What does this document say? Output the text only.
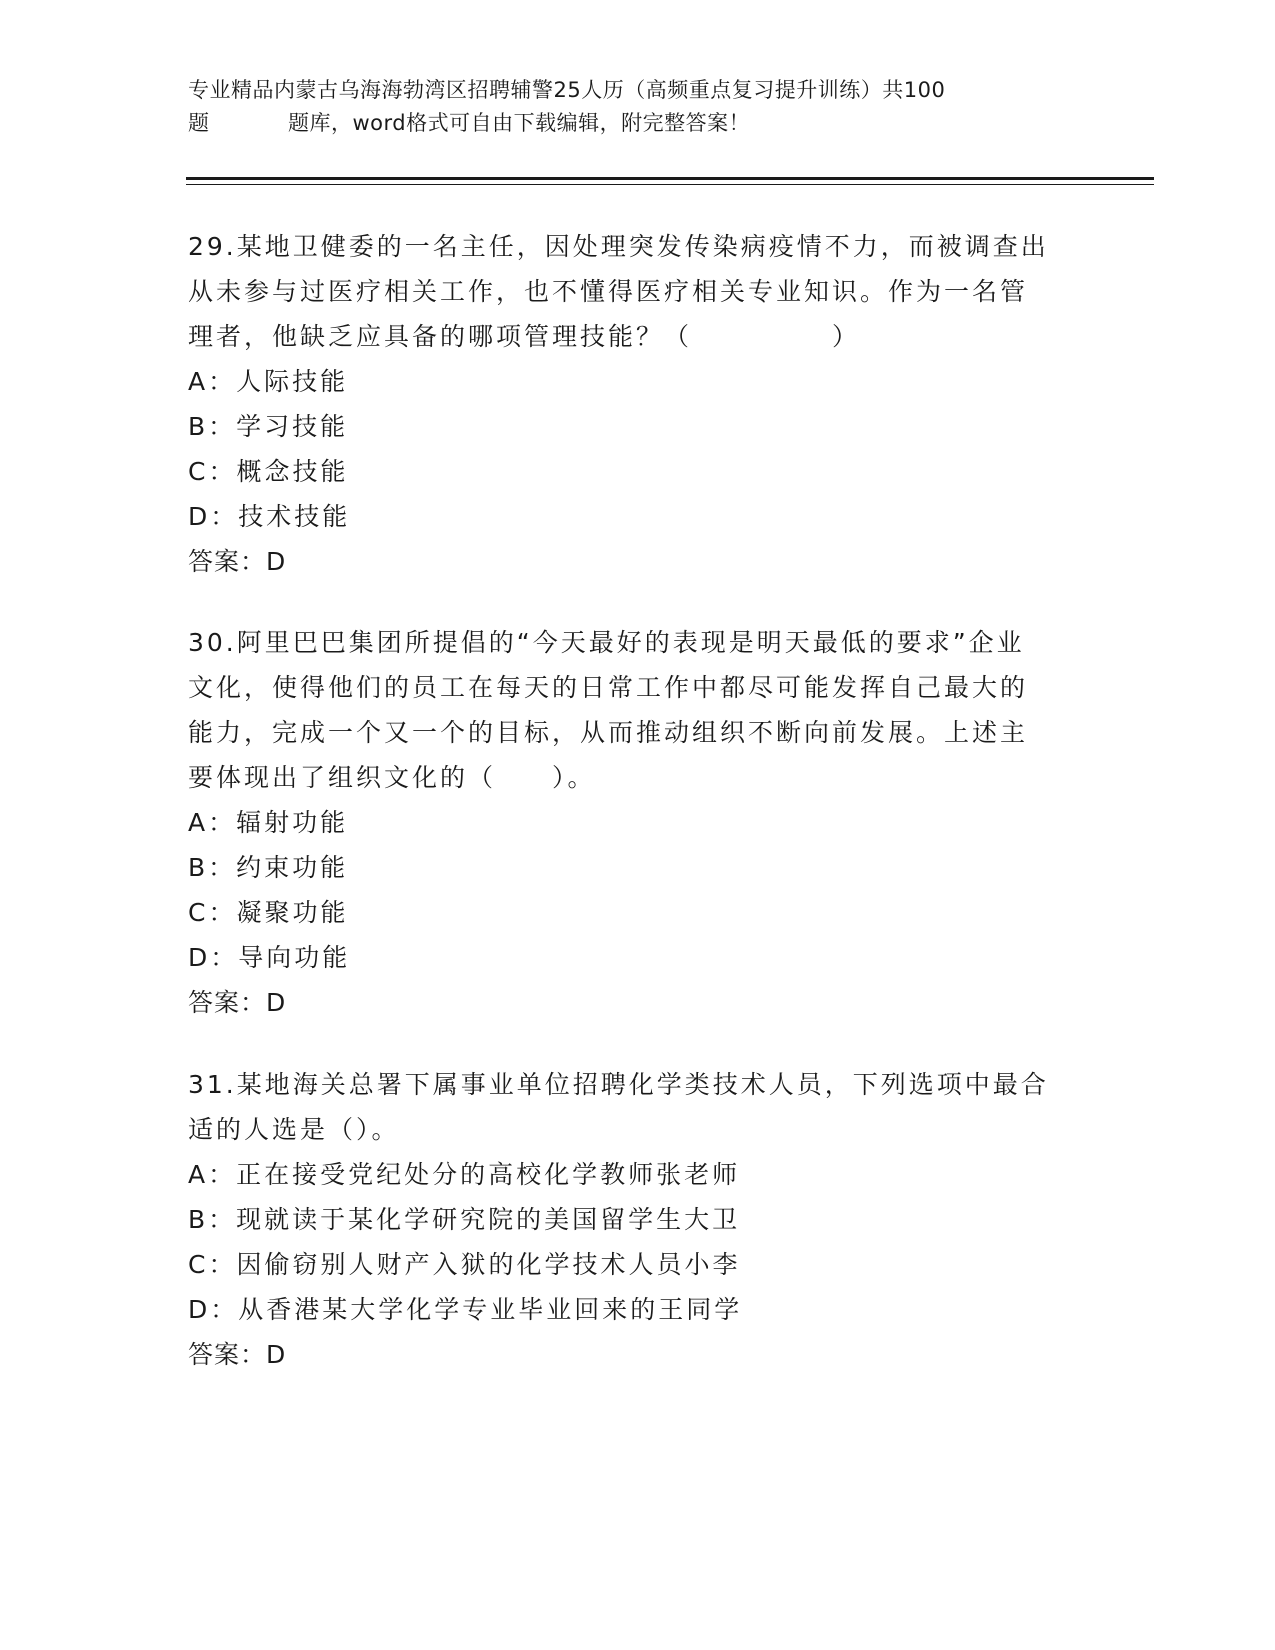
专业精品内蒙古乌海海勃湾区招聘辅警25人历（高频重点复习提升训练）共100
题	题库，word格式可自由下载编辑，附完整答案！
29.某地卫健委的一名主任，因处理突发传染病疫情不力，而被调查出
从未参与过医疗相关工作，也不懂得医疗相关专业知识。作为一名管
理者，他缺乏应具备的哪项管理技能？（　　　　　）
A：人际技能
B：学习技能
C：概念技能
D：技术技能
答案：D
30.阿里巴巴集团所提倡的“今天最好的表现是明天最低的要求”企业
文化，使得他们的员工在每天的日常工作中都尽可能发挥自己最大的
能力，完成一个又一个的目标，从而推动组织不断向前发展。上述主
要体现出了组织文化的（　　）。
A：辐射功能
B：约束功能
C：凝聚功能
D：导向功能
答案：D
31.某地海关总署下属事业单位招聘化学类技术人员，下列选项中最合
适的人选是（）。
A：正在接受党纪处分的高校化学教师张老师
B：现就读于某化学研究院的美国留学生大卫
C：因偷窃别人财产入狱的化学技术人员小李
D：从香港某大学化学专业毕业回来的王同学
答案：D
